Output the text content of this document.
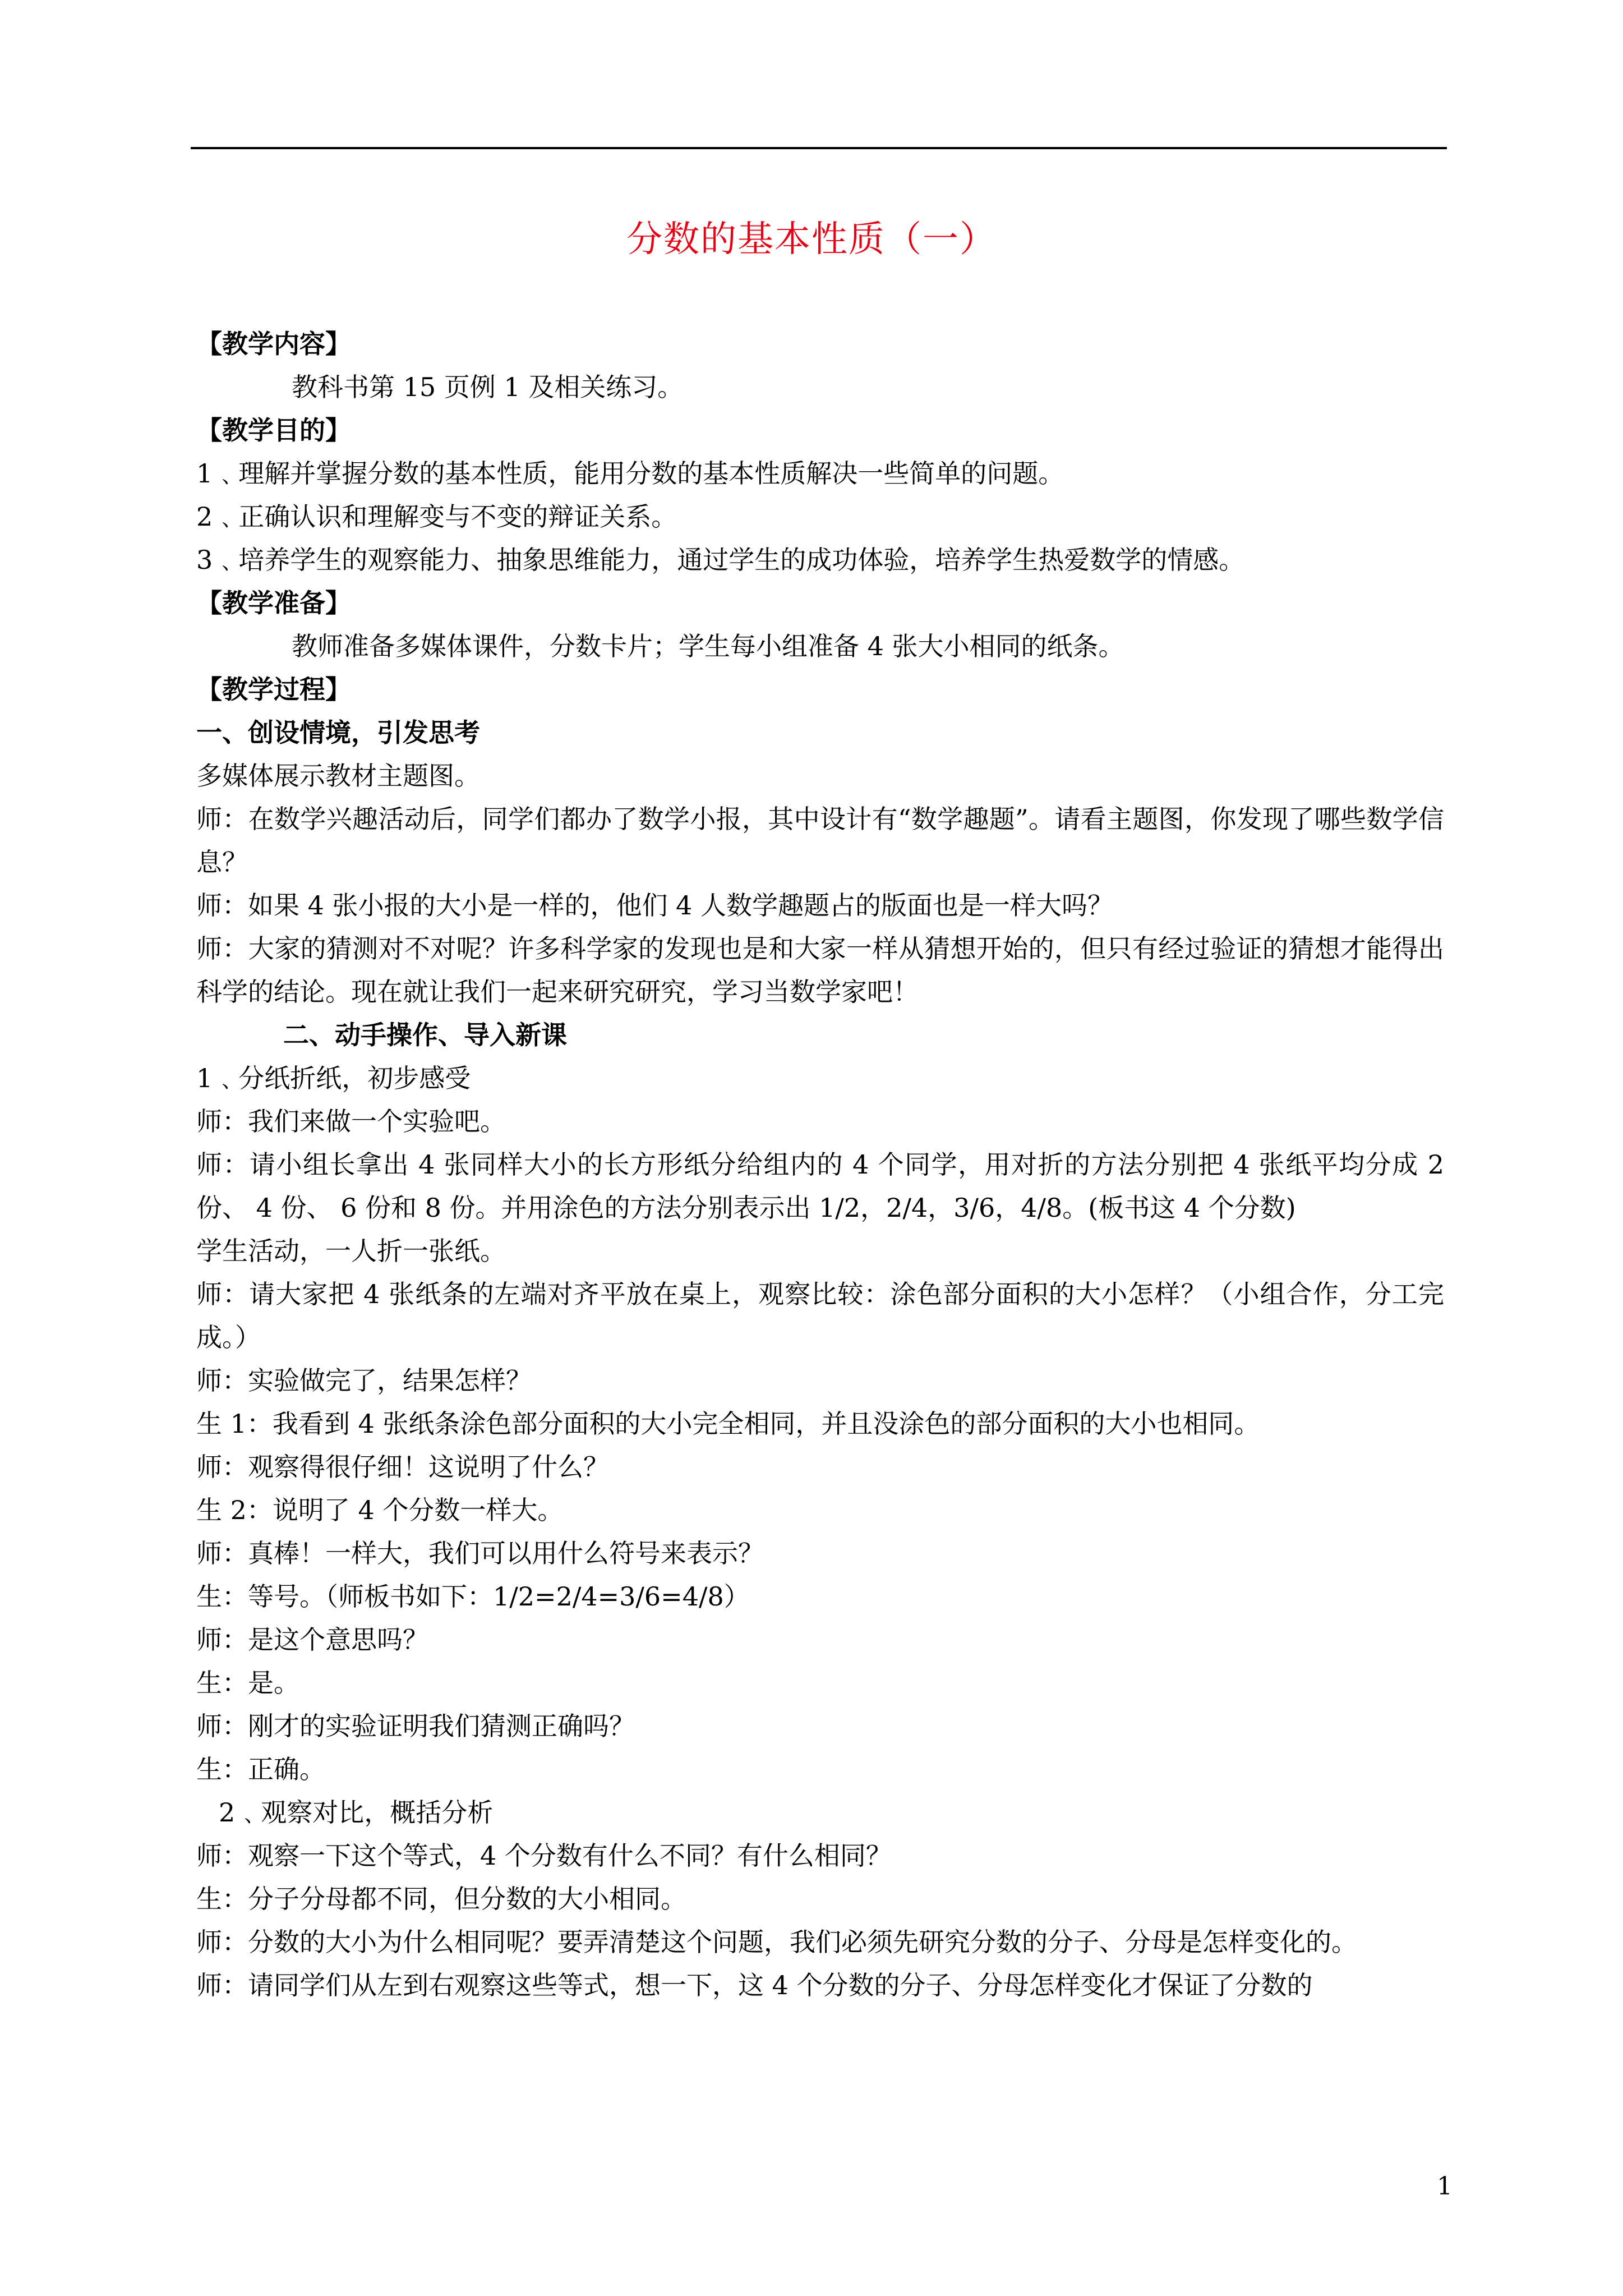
分数的基本性质（一）
【教学内容】
教科书第 15 页例 1 及相关练习。
【教学目的】
1﹑理解并掌握分数的基本性质，能用分数的基本性质解决一些简单的问题。
2﹑正确认识和理解变与不变的辩证关系。
3﹑培养学生的观察能力、抽象思维能力，通过学生的成功体验，培养学生热爱数学的情感。
【教学准备】
教师准备多媒体课件，分数卡片；学生每小组准备 4 张大小相同的纸条。
【教学过程】
一、创设情境，引发思考
多媒体展示教材主题图。
师：在数学兴趣活动后，同学们都办了数学小报，其中设计有“数学趣题”。请看主题图，你发现了哪些数学信息？
师：如果 4 张小报的大小是一样的，他们 4 人数学趣题占的版面也是一样大吗？
师：大家的猜测对不对呢？许多科学家的发现也是和大家一样从猜想开始的，但只有经过验证的猜想才能得出科学的结论。现在就让我们一起来研究研究，学习当数学家吧！
二、动手操作、导入新课
1﹑分纸折纸，初步感受
师：我们来做一个实验吧。
师：请小组长拿出 4 张同样大小的长方形纸分给组内的 4 个同学，用对折的方法分别把 4 张纸平均分成 2 份、 4 份、 6 份和 8 份。并用涂色的方法分别表示出 1/2，2/4，3/6，4/8。(板书这 4 个分数)
学生活动，一人折一张纸。
师：请大家把 4 张纸条的左端对齐平放在桌上，观察比较：涂色部分面积的大小怎样？（小组合作，分工完成。）
师：实验做完了，结果怎样？
生 1：我看到 4 张纸条涂色部分面积的大小完全相同，并且没涂色的部分面积的大小也相同。
师：观察得很仔细！这说明了什么？
生 2：说明了 4 个分数一样大。
师：真棒！一样大，我们可以用什么符号来表示？
生：等号。（师板书如下：1/2=2/4=3/6=4/8）
师：是这个意思吗？
生：是。
师：刚才的实验证明我们猜测正确吗？
生：正确。
2﹑观察对比，概括分析
师：观察一下这个等式，4 个分数有什么不同？有什么相同？
生：分子分母都不同，但分数的大小相同。
师：分数的大小为什么相同呢？要弄清楚这个问题，我们必须先研究分数的分子、分母是怎样变化的。
师：请同学们从左到右观察这些等式，想一下，这 4 个分数的分子、分母怎样变化才保证了分数的
1
